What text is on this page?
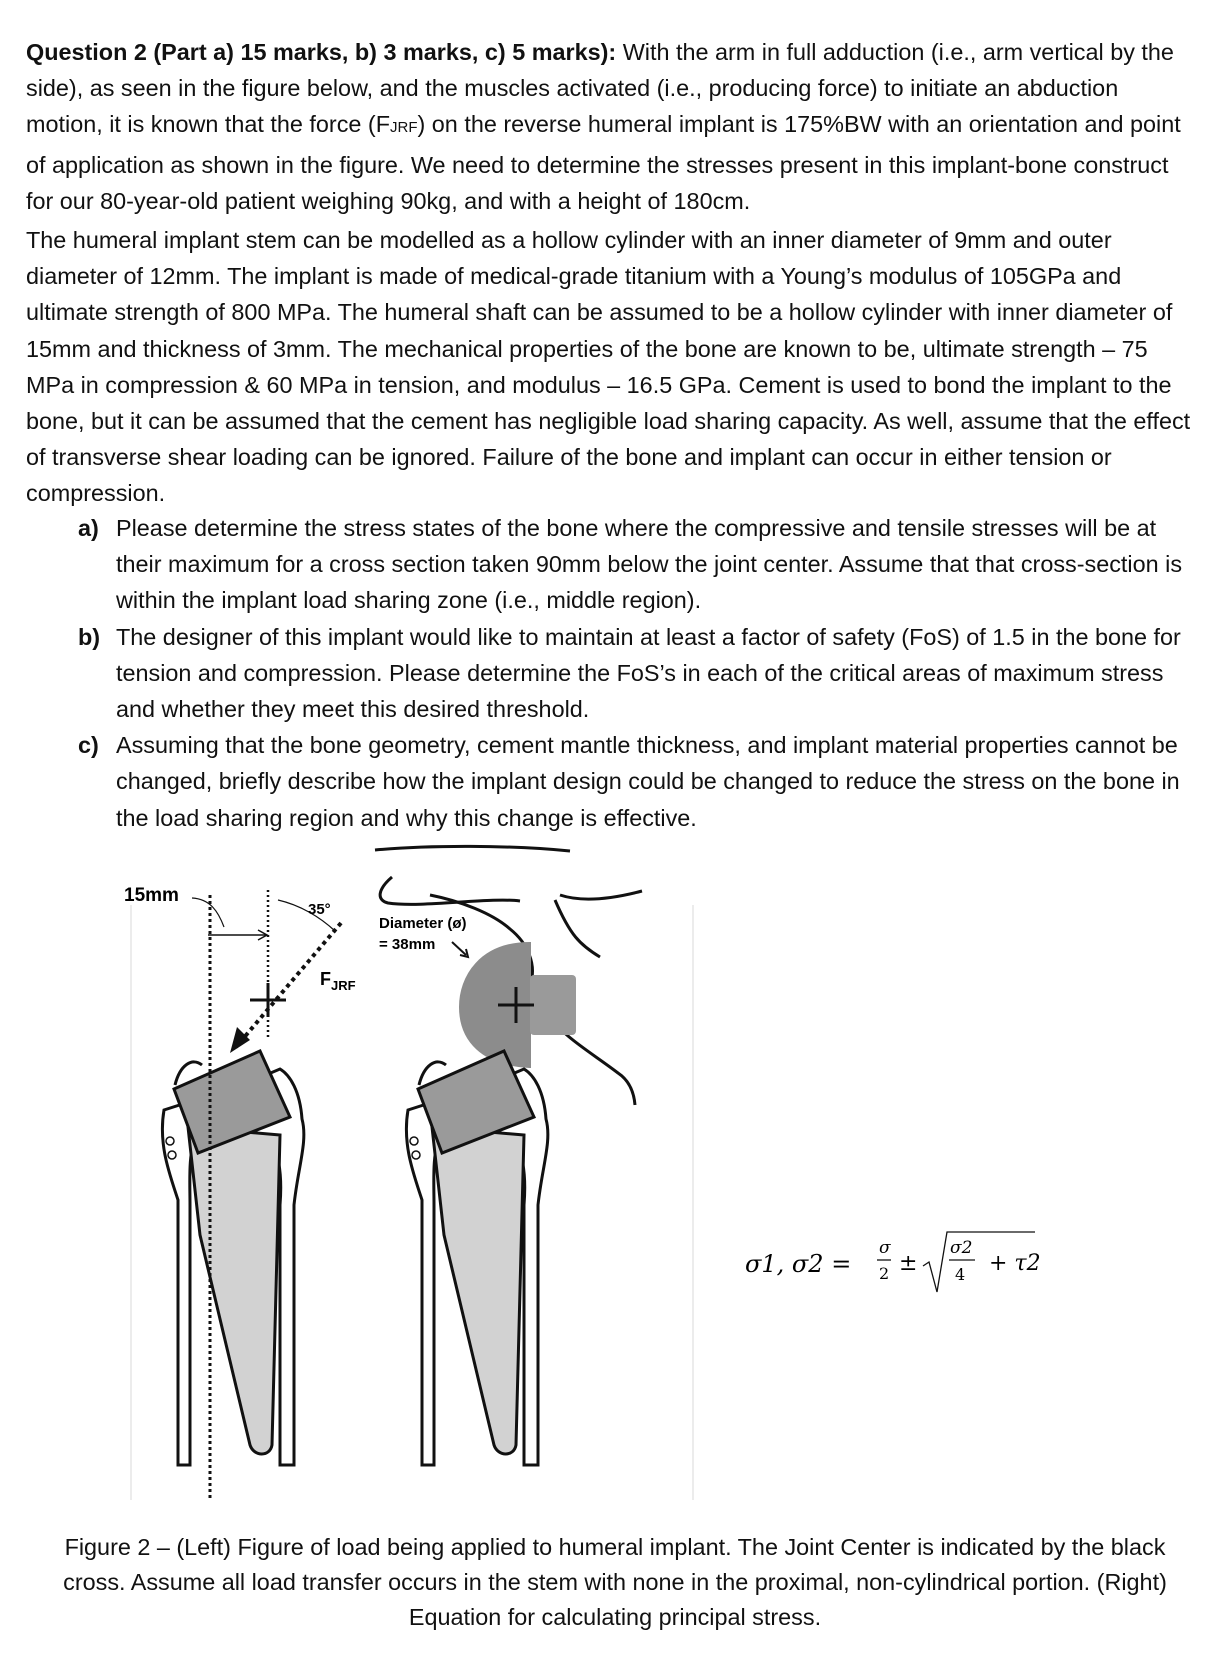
Question 2 (Part a) 15 marks, b) 3 marks, c) 5 marks): With the arm in full adduction (i.e., arm vertical by the side), as seen in the figure below, and the muscles activated (i.e., producing force) to initiate an abduction motion, it is known that the force (FJRF) on the reverse humeral implant is 175%BW with an orientation and point of application as shown in the figure. We need to determine the stresses present in this implant-bone construct for our 80-year-old patient weighing 90kg, and with a height of 180cm.

The humeral implant stem can be modelled as a hollow cylinder with an inner diameter of 9mm and outer diameter of 12mm. The implant is made of medical-grade titanium with a Young’s modulus of 105GPa and ultimate strength of 800 MPa. The humeral shaft can be assumed to be a hollow cylinder with inner diameter of 15mm and thickness of 3mm. The mechanical properties of the bone are known to be, ultimate strength – 75 MPa in compression & 60 MPa in tension, and modulus – 16.5 GPa. Cement is used to bond the implant to the bone, but it can be assumed that the cement has negligible load sharing capacity. As well, assume that the effect of transverse shear loading can be ignored. Failure of the bone and implant can occur in either tension or compression.

a) Please determine the stress states of the bone where the compressive and tensile stresses will be at their maximum for a cross section taken 90mm below the joint center. Assume that that cross-section is within the implant load sharing zone (i.e., middle region).
b) The designer of this implant would like to maintain at least a factor of safety (FoS) of 1.5 in the bone for tension and compression. Please determine the FoS’s in each of the critical areas of maximum stress and whether they meet this desired threshold.
c) Assuming that the bone geometry, cement mantle thickness, and implant material properties cannot be changed, briefly describe how the implant design could be changed to reduce the stress on the bone in the load sharing region and why this change is effective.
15mm
35°
$F_{JRF}$
Diameter (ø)
= 38mm
σ1, σ2 =
σ
2 ±
σ2
4 + τ2

Figure 2 – (Left) Figure of load being applied to humeral implant. The Joint Center is indicated by the black cross. Assume all load transfer occurs in the stem with none in the proximal, non-cylindrical portion. (Right) Equation for calculating principal stress.
